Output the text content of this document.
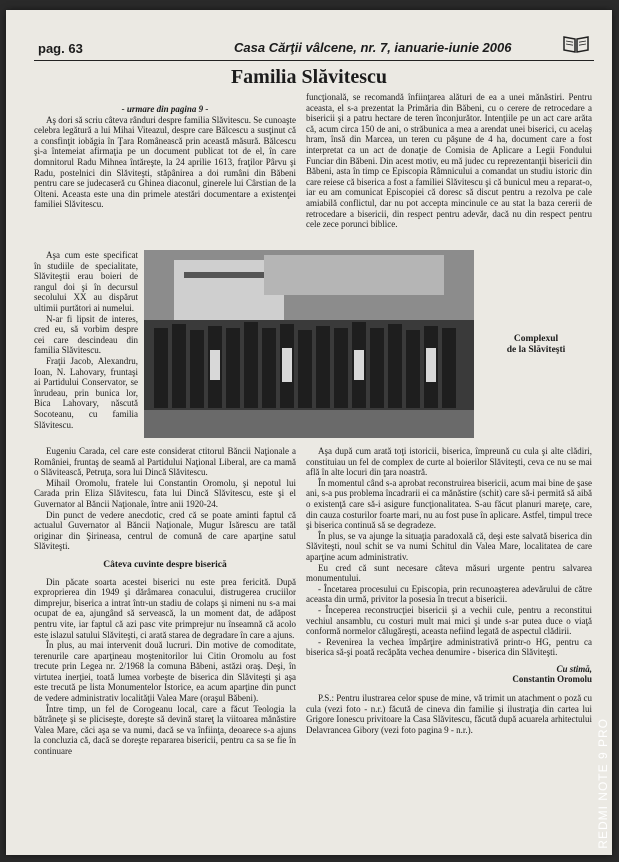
pag. 63	Casa Cărţii vâlcene, nr. 7, ianuarie-iunie 2006
Familia Slăvitescu
- urmare din pagina 9 -

Aş dori să scriu câteva rânduri despre familia Slăvitescu. Se cunoaşte celebra legătură a lui Mihai Viteazul, despre care Bălcescu a susţinut că a consfinţit iobăgia în Ţara Românească prin această măsură. Bălcescu şi-a întemeiat afirmaţia pe un document publicat tot de el, în care domnitorul Radu Mihnea întăreşte, la 24 aprilie 1613, fraţilor Pârvu şi Radu, postelnici din Slăviteşti, stăpânirea a doi rumâni din Băbeni pentru care se judecaseră cu Ghinea diaconul, ginerele lui Cârstian de la Olteni. Aceasta este una din primele atestări documentare a existenţei familiei Slăvitescu.

Aşa cum este specificat în studiile de specialitate, Slăviteştii erau boieri de rangul doi şi în decursul secolului XX au dispărut ultimii purtători ai numelui.

N-ar fi lipsit de interes, cred eu, să vorbim despre cei care descindeau din familia Slăvitescu.

Fraţii Jacob, Alexandru, Ioan, N. Lahovary, fruntaşi ai Partidului Conservator, se înrudeau, prin bunica lor, Bica Lahovary, născută Socoteanu, cu familia Slăvitescu.

Eugeniu Carada, cel care este considerat ctitorul Băncii Naţionale a României, fruntaş de seamă al Partidului Naţional Liberal, are ca mamă o Slăvitească, Petruţa, sora lui Dincă Slăvitescu.

Mihail Oromolu, fratele lui Constantin Oromolu, şi nepotul lui Carada prin Eliza Slăvitescu, fata lui Dincă Slăvitescu, este şi el Guvernator al Băncii Naţionale, între anii 1920-24.

Din punct de vedere anecdotic, cred că se poate aminti faptul că actualul Guvernator al Băncii Naţionale, Mugur Isărescu are tatăl originar din Şirineasa, centrul de comună de care aparţine satul Slăviteşti.

Câteva cuvinte despre biserică

Din păcate soarta acestei biserici nu este prea fericită. După exproprierea din 1949 şi dărâmarea conacului, distrugerea cruciilor dimprejur, biserica a intrat într-un stadiu de colaps şi nimeni nu s-a mai ocupat de ea, ajungând să servească, la un moment dat, de adăpost pentru vite, iar faptul că azi pasc vite primprejur nu înseamnă că acolo este islazul satului Slăviteşti, ci arată starea de degradare în care a ajuns.

În plus, au mai intervenit două lucruri. Din motive de comoditate, terenurile care aparţineau moştenitorilor lui Citin Oromolu au fost trecute prin Legea nr. 2/1968 la comuna Băbeni, astăzi oraş. Deşi, în virtutea inerţiei, toată lumea vorbeşte de biserica din Slăviteşti şi aşa este trecută pe lista Monumentelor Istorice, ea acum aparţine din punct de vedere administrativ localităţii Valea Mare (oraşul Băbeni).

Între timp, un fel de Corogeanu local, care a făcut Teologia la bătrâneţe şi se pliciseşte, doreşte să devină stareţ la viitoarea mănăstire Valea Mare, căci aşa se va numi, dacă se va înfiinţa, deoarece s-a ajuns la concluzia că, dacă se doreşte repararea bisericii, pentru ca sa se fie în continuare

funcţională, se recomandă înfiinţarea alături de ea a unei mănăstiri. Pentru aceasta, el s-a prezentat la Primăria din Băbeni, cu o cerere de retrocedare a bisericii şi a patru hectare de teren înconjurător. Intenţiile pe un act care arăta că, acum circa 150 de ani, o străbunica a mea a arendat unei biserici, cu acelaş hram, însă din Marcea, un teren cu păşune de 4 ha, document care a fost interpretat ca un act de donaţie de Comisia de Aplicare a Legii Fondului Funciar din Băbeni. Din acest motiv, eu mă judec cu reprezentanţii bisericii din Băbeni, asta în timp ce Episcopia Râmnicului a comandat un studiu istoric din care reiese că biserica a fost a familiei Slăvitescu şi că bunicul meu a reparat-o, iar eu am comunicat Episcopiei că doresc să discut pentru a rezolva pe cale amiabilă conflictul, dar nu pot accepta mincinule ce au stat la baza cererii de retrocedare a bisericii, din respect pentru adevăr, dacă nu din respect pentru cele zece porunci biblice.

Complexul
de la Slăviteşti

Aşa după cum arată toţi istoricii, biserica, împreună cu cula şi alte clădiri, constituiau un fel de complex de curte al boierilor Slăviteşti, ceva ce nu se mai află în alte locuri din ţara noastră.

În momentul când s-a aprobat reconstruirea bisericii, acum mai bine de şase ani, s-a pus problema încadrarii ei ca mănăstire (schit) care să-i permită să aibă o existenţă care să-i asigure funcţionalitatea. S-au făcut planuri mareţe, care, din cauza costurilor foarte mari, nu au fost puse în aplicare. Astfel, timpul trece şi biserica continuă să se degradeze.

În plus, se va ajunge la situaţia paradoxală că, deşi este salvată biserica din Slăviteşti, noul schit se va numi Schitul din Valea Mare, localitatea de care aparţine acum administrativ.

Eu cred că sunt necesare câteva măsuri urgente pentru salvarea monumentului.

- Încetarea procesului cu Episcopia, prin recunoaşterea adevărului de către aceasta din urmă, privitor la posesia în trecut a bisericii.

- Începerea reconstrucţiei bisericii şi a vechii cule, pentru a reconstitui vechiul ansamblu, cu costuri mult mai mici şi unde s-ar putea duce o viaţă conformă normelor călugăreşti, aceasta nefiind legată de aspectul clădirii.

- Revenirea la vechea împărţire administrativă printr-o HG, pentru ca biserica să-şi poată recăpăta vechea denumire - biserica din Slăviteşti.

Cu stimă,
Constantin Oromolu

P.S.: Pentru ilustrarea celor spuse de mine, vă trimit un atachment o poză cu cula (vezi foto - n.r.) făcută de cineva din familie şi ilustraţia din cartea lui Grigore Ionescu privitoare la Casa Slăvitescu, făcută după acuarela arhitectului Delavrancea Gibory (vezi foto pagina 9 - n.r.).	REDMI NOTE 9 PRO
